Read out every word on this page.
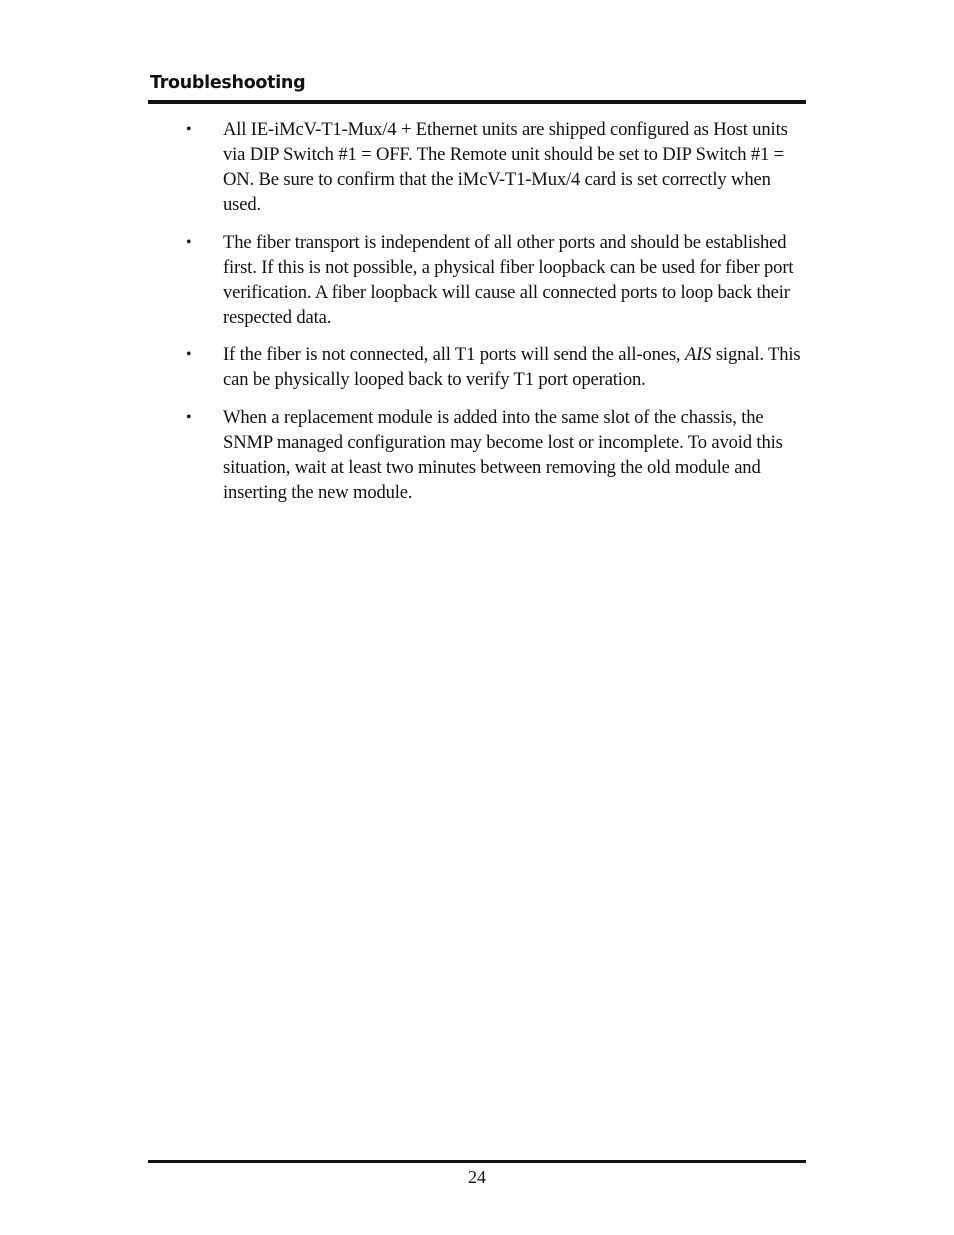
Troubleshooting
• All IE-iMcV-T1-Mux/4 + Ethernet units are shipped configured as Host units via DIP Switch #1 = OFF. The Remote unit should be set to DIP Switch #1 = ON. Be sure to confirm that the iMcV-T1-Mux/4 card is set correctly when used.
• The fiber transport is independent of all other ports and should be established first. If this is not possible, a physical fiber loopback can be used for fiber port verification. A fiber loopback will cause all connected ports to loop back their respected data.
• If the fiber is not connected, all T1 ports will send the all-ones, AIS signal. This can be physically looped back to verify T1 port operation.
• When a replacement module is added into the same slot of the chassis, the SNMP managed configuration may become lost or incomplete. To avoid this situation, wait at least two minutes between removing the old module and inserting the new module.
24
